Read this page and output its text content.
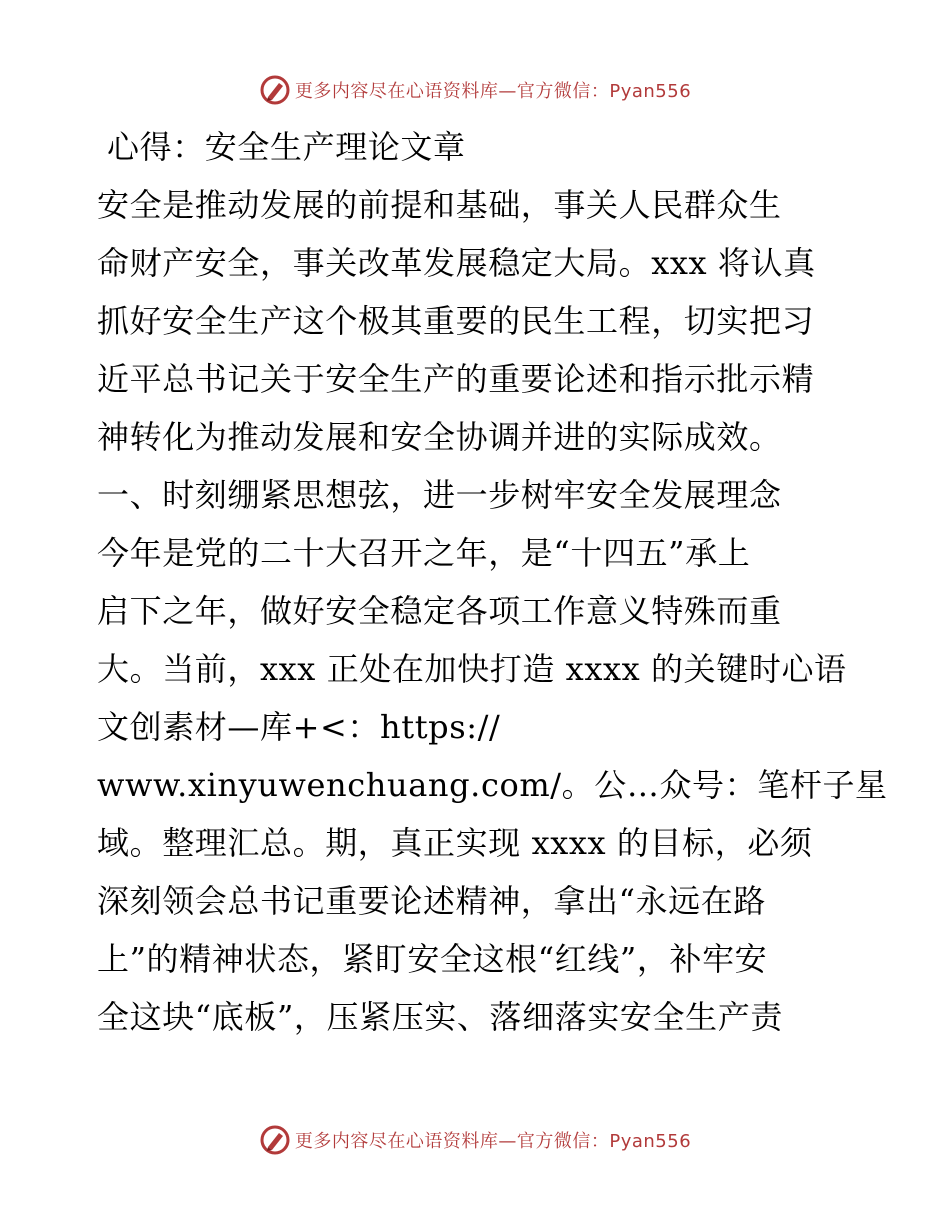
更多内容尽在心语资料库—官方微信：Pyan556
心得：安全生产理论文章
安全是推动发展的前提和基础，事关人民群众生
命财产安全，事关改革发展稳定大局。xxx 将认真
抓好安全生产这个极其重要的民生工程，切实把习
近平总书记关于安全生产的重要论述和指示批示精
神转化为推动发展和安全协调并进的实际成效。
一、时刻绷紧思想弦，进一步树牢安全发展理念
今年是党的二十大召开之年，是“十四五”承上
启下之年，做好安全稳定各项工作意义特殊而重
大。当前，xxx 正处在加快打造 xxxx 的关键时心语
文创素材—库+<：https://
www.xinyuwenchuang.com/。公…众号：笔杆子星
域。整理汇总。期，真正实现 xxxx 的目标，必须
深刻领会总书记重要论述精神，拿出“永远在路
上”的精神状态，紧盯安全这根“红线”，补牢安
全这块“底板”，压紧压实、落细落实安全生产责
更多内容尽在心语资料库—官方微信：Pyan556
